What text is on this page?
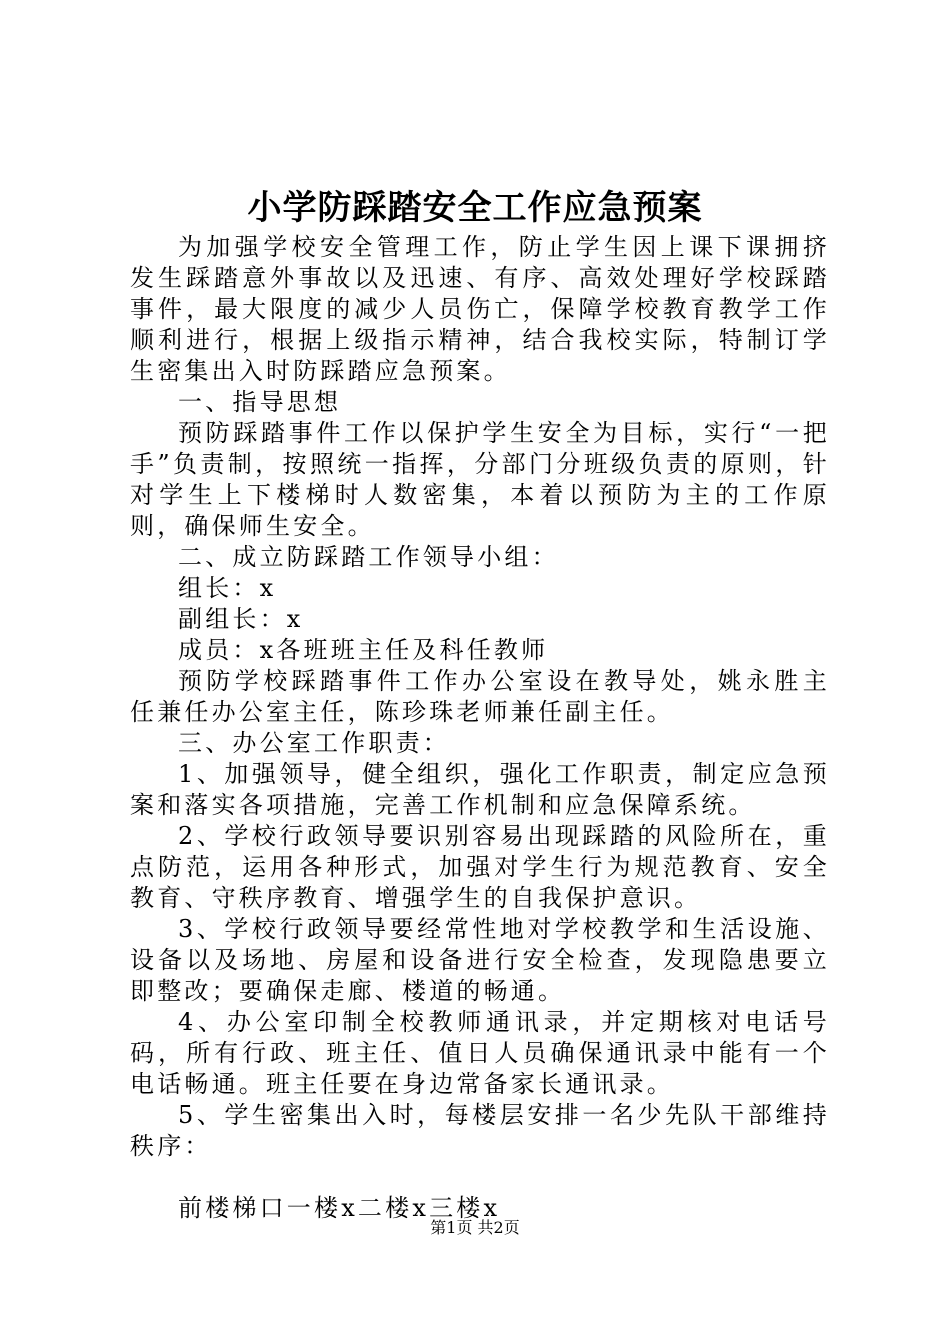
小学防踩踏安全工作应急预案

为加强学校安全管理工作，防止学生因上课下课拥挤发生踩踏意外事故以及迅速、有序、高效处理好学校踩踏事件，最大限度的减少人员伤亡，保障学校教育教学工作顺利进行，根据上级指示精神，结合我校实际，特制订学生密集出入时防踩踏应急预案。

一、指导思想

预防踩踏事件工作以保护学生安全为目标，实行“一把手”负责制，按照统一指挥，分部门分班级负责的原则，针对学生上下楼梯时人数密集，本着以预防为主的工作原则，确保师生安全。

二、成立防踩踏工作领导小组：

组长：x

副组长：x

成员：x各班班主任及科任教师

预防学校踩踏事件工作办公室设在教导处，姚永胜主任兼任办公室主任，陈珍珠老师兼任副主任。

三、办公室工作职责：

1、加强领导，健全组织，强化工作职责，制定应急预案和落实各项措施，完善工作机制和应急保障系统。

2、学校行政领导要识别容易出现踩踏的风险所在，重点防范，运用各种形式，加强对学生行为规范教育、安全教育、守秩序教育、增强学生的自我保护意识。

3、学校行政领导要经常性地对学校教学和生活设施、设备以及场地、房屋和设备进行安全检查，发现隐患要立即整改；要确保走廊、楼道的畅通。

4、办公室印制全校教师通讯录，并定期核对电话号码，所有行政、班主任、值日人员确保通讯录中能有一个电话畅通。班主任要在身边常备家长通讯录。

5、学生密集出入时，每楼层安排一名少先队干部维持秩序：

前楼梯口一楼x二楼x三楼x

第1页 共2页
